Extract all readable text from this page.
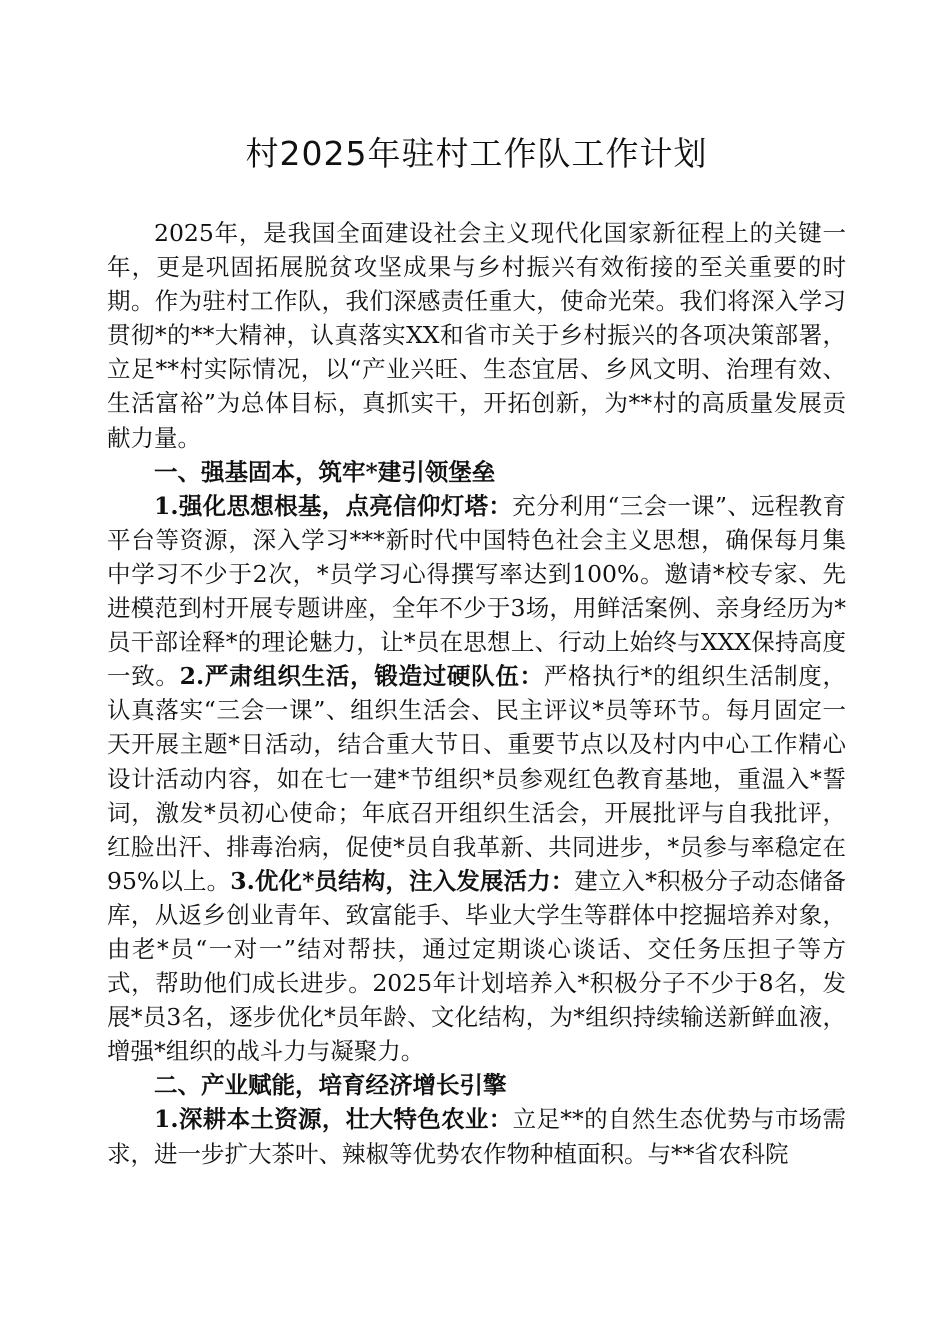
村2025年驻村工作队工作计划

2025年，是我国全面建设社会主义现代化国家新征程上的关键一年，更是巩固拓展脱贫攻坚成果与乡村振兴有效衔接的至关重要的时期。作为驻村工作队，我们深感责任重大，使命光荣。我们将深入学习贯彻*的**大精神，认真落实XX和省市关于乡村振兴的各项决策部署，立足**村实际情况，以“产业兴旺、生态宜居、乡风文明、治理有效、生活富裕”为总体目标，真抓实干，开拓创新，为**村的高质量发展贡献力量。

一、强基固本，筑牢*建引领堡垒

1.强化思想根基，点亮信仰灯塔：充分利用“三会一课”、远程教育平台等资源，深入学习***新时代中国特色社会主义思想，确保每月集中学习不少于2次，*员学习心得撰写率达到100%。邀请*校专家、先进模范到村开展专题讲座，全年不少于3场，用鲜活案例、亲身经历为*员干部诠释*的理论魅力，让*员在思想上、行动上始终与XXX保持高度一致。2.严肃组织生活，锻造过硬队伍：严格执行*的组织生活制度，认真落实“三会一课”、组织生活会、民主评议*员等环节。每月固定一天开展主题*日活动，结合重大节日、重要节点以及村内中心工作精心设计活动内容，如在七一建*节组织*员参观红色教育基地，重温入*誓词，激发*员初心使命；年底召开组织生活会，开展批评与自我批评，红脸出汗、排毒治病，促使*员自我革新、共同进步，*员参与率稳定在95%以上。3.优化*员结构，注入发展活力：建立入*积极分子动态储备库，从返乡创业青年、致富能手、毕业大学生等群体中挖掘培养对象，由老*员“一对一”结对帮扶，通过定期谈心谈话、交任务压担子等方式，帮助他们成长进步。2025年计划培养入*积极分子不少于8名，发展*员3名，逐步优化*员年龄、文化结构，为*组织持续输送新鲜血液，增强*组织的战斗力与凝聚力。

二、产业赋能，培育经济增长引擎

1.深耕本土资源，壮大特色农业：立足**的自然生态优势与市场需求，进一步扩大茶叶、辣椒等优势农作物种植面积。与**省农科院
